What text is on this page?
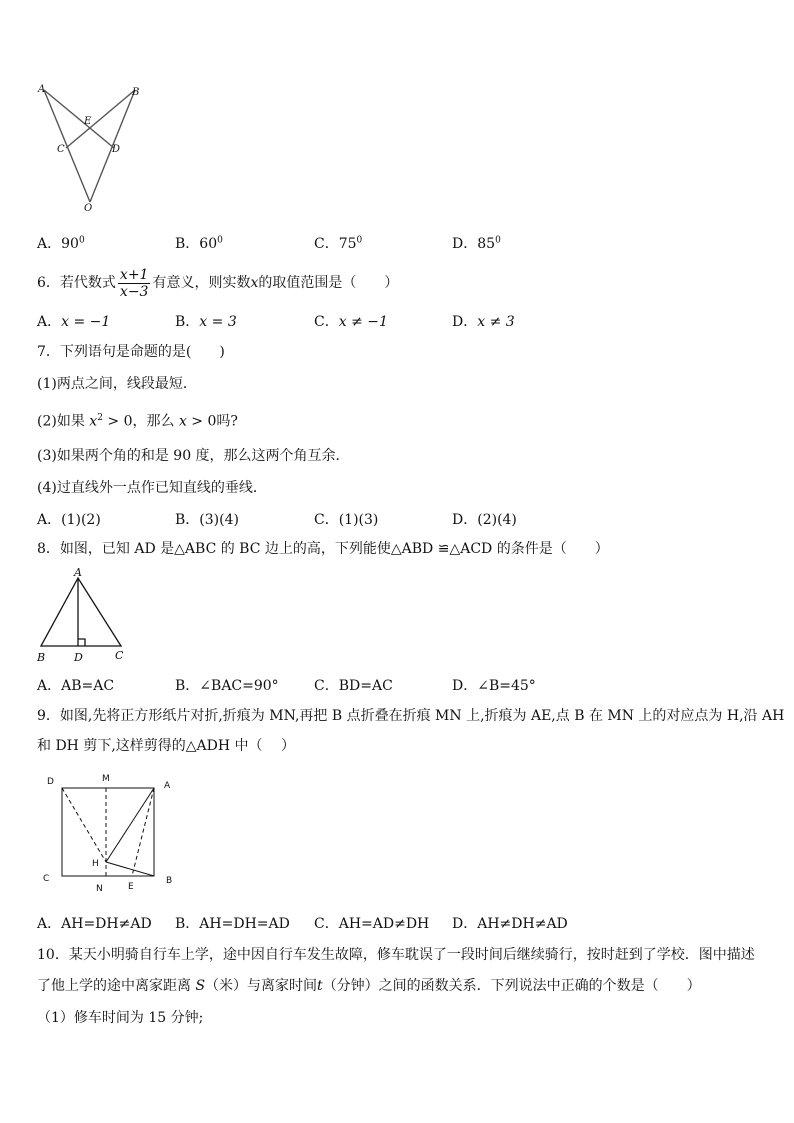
A	B
E
C	D
O
A．$90^0$	B．$60^0$	C．$75^0$	D．$85^0$
6．若代数式 $\frac{x+1}{x-3}$ 有意义，则实数x的取值范围是（　　）
A．x = −1	B．x = 3	C．x ≠ −1	D．x ≠ 3
7．下列语句是命题的是(　　)
(1)两点之间，线段最短．
(2)如果 $x^2 > 0$，那么 x > 0吗?
(3)如果两个角的和是 90 度，那么这两个角互余．
(4)过直线外一点作已知直线的垂线．
A．(1)(2)	B．(3)(4)	C．(1)(3)	D．(2)(4)
8．如图，已知 AD 是△ABC 的 BC 边上的高，下列能使△ABD ≌△ACD 的条件是（　　）
A
B	D	C
A．AB=AC	B．∠BAC=90°	C．BD=AC	D．∠B=45°
9．如图,先将正方形纸片对折,折痕为 MN,再把 B 点折叠在折痕 MN 上,折痕为 AE,点 B 在 MN 上的对应点为 H,沿 AH
和 DH 剪下,这样剪得的△ADH 中（　 ）
D	M
A
H
C
N	E
B
A．AH=DH≠AD B．AH=DH=AD C．AH=AD≠DH D．AH≠DH≠AD
10．某天小明骑自行车上学，途中因自行车发生故障，修车耽误了一段时间后继续骑行，按时赶到了学校．图中描述
了他上学的途中离家距离 S（米）与离家时间t（分钟）之间的函数关系．下列说法中正确的个数是（　　）
（1）修车时间为 15 分钟;
